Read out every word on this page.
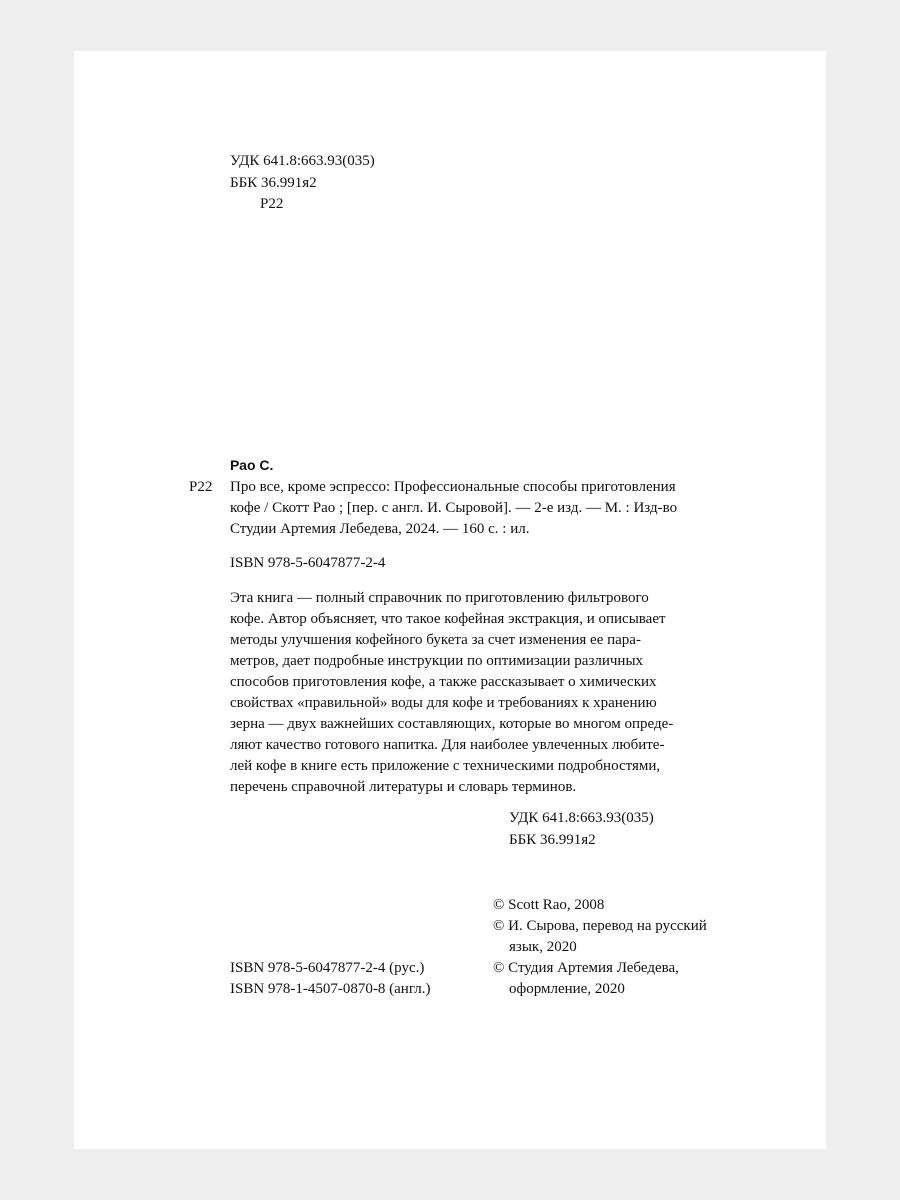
УДК 641.8:663.93(035)
ББК 36.991я2
Р22
Рао С.
Р22 Про все, кроме эспрессо: Профессиональные способы приготовления
кофе / Скотт Рао ; [пер. с англ. И. Сыровой]. — 2-е изд. — М. : Изд-во
Студии Артемия Лебедева, 2024. — 160 с. : ил.
ISBN 978-5-6047877-2-4
Эта книга — полный справочник по приготовлению фильтрового
кофе. Автор объясняет, что такое кофейная экстракция, и описывает
методы улучшения кофейного букета за счет изменения ее пара-
метров, дает подробные инструкции по оптимизации различных
способов приготовления кофе, а также рассказывает о химических
свойствах «правильной» воды для кофе и требованиях к хранению
зерна — двух важнейших составляющих, которые во многом опреде-
ляют качество готового напитка. Для наиболее увлеченных любите-
лей кофе в книге есть приложение с техническими подробностями,
перечень справочной литературы и словарь терминов.
УДК 641.8:663.93(035)
ББК 36.991я2
© Scott Rao, 2008
© И. Сырова, перевод на русский
язык, 2020
© Студия Артемия Лебедева,
оформление, 2020
ISBN 978-5-6047877-2-4 (рус.)
ISBN 978-1-4507-0870-8 (англ.)
